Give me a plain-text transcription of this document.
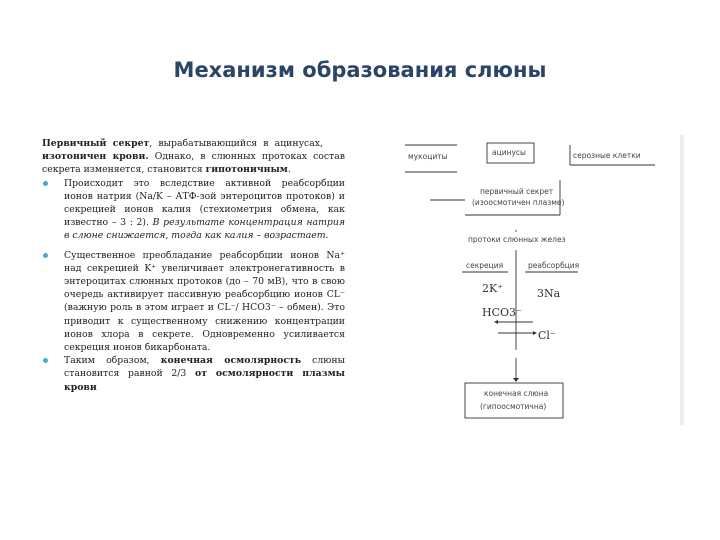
Механизм образования слюны

Первичный секрет, вырабатывающийся в ацинусах, изотоничен крови. Однако, в слюнных протоках состав секрета изменяется, становится гипотоничным.

Происходит это вследствие активной реабсорбции ионов натрия (Na/K – АТФ-зой энтероцитов протоков) и секрецией ионов калия (стехиометрия обмена, как известно – 3 : 2). В результате концентрация натрия в слюне снижается, тогда как калия – возрастает.

Существенное преобладание реабсорбции ионов Na⁺ над секрецией K⁺ увеличивает электронегативность в энтероцитах слюнных протоков (до – 70 мВ), что в свою очередь активирует пассивную реабсорбцию ионов CL⁻ (важную роль в этом играет и CL⁻/ HCO3⁻ – обмен). Это приводит к существенному снижению концентрации ионов хлора в секрете. Одновременно усиливается секреция ионов бикарбоната.

Таким образом, конечная осмолярность слюны становится равной 2/3 от осмолярности плазмы крови

мукоциты	ацинусы	серозные клетки
первичный секрет
(изоосмотичен плазме)
протоки слюнных желез
секреция	реабсорбция
2K⁺	3Na
HCO3⁻
Cl⁻
конечная слюна
(гипоосмотична)
